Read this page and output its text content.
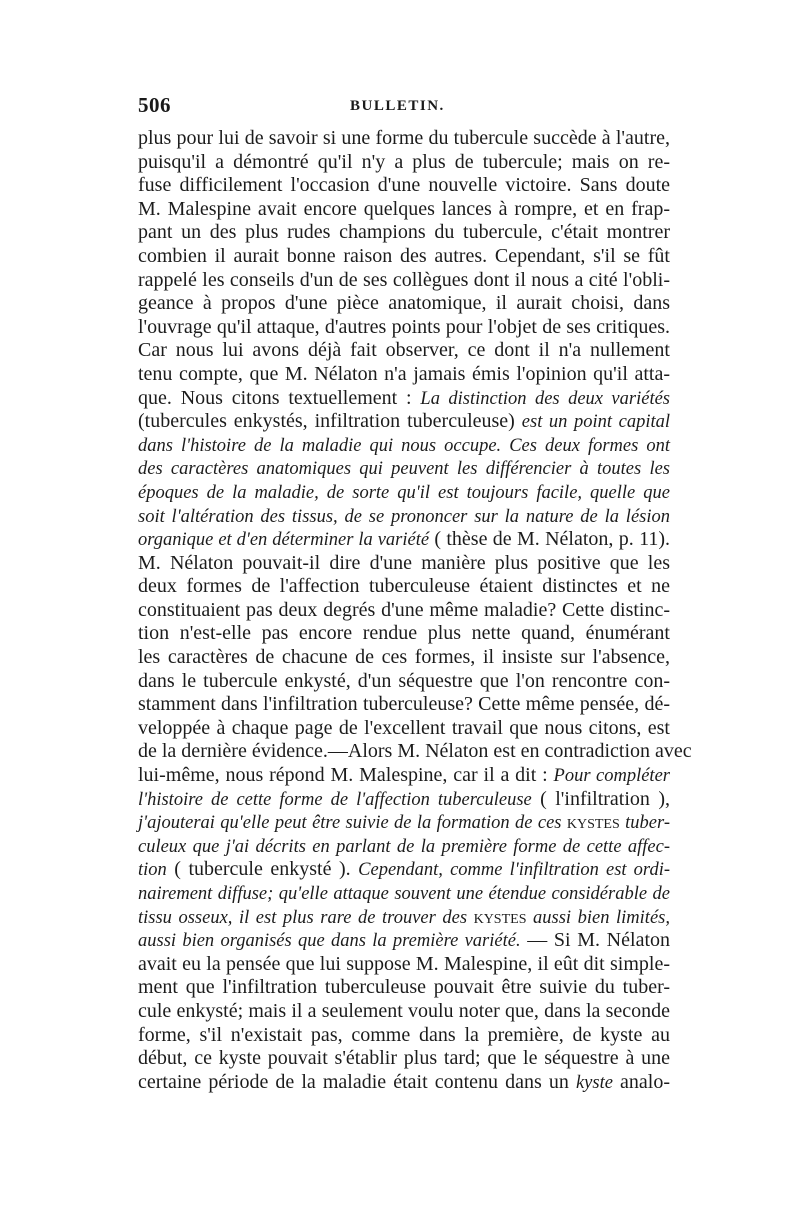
506	BULLETIN.
plus pour lui de savoir si une forme du tubercule succède à l'autre,
puisqu'il a démontré qu'il n'y a plus de tubercule; mais on re-
fuse difficilement l'occasion d'une nouvelle victoire. Sans doute
M. Malespine avait encore quelques lances à rompre, et en frap-
pant un des plus rudes champions du tubercule, c'était montrer
combien il aurait bonne raison des autres. Cependant, s'il se fût
rappelé les conseils d'un de ses collègues dont il nous a cité l'obli-
geance à propos d'une pièce anatomique, il aurait choisi, dans
l'ouvrage qu'il attaque, d'autres points pour l'objet de ses critiques.
Car nous lui avons déjà fait observer, ce dont il n'a nullement
tenu compte, que M. Nélaton n'a jamais émis l'opinion qu'il atta-
que. Nous citons textuellement : La distinction des deux variétés
(tubercules enkystés, infiltration tuberculeuse) est un point capital
dans l'histoire de la maladie qui nous occupe. Ces deux formes ont
des caractères anatomiques qui peuvent les différencier à toutes les
époques de la maladie, de sorte qu'il est toujours facile, quelle que
soit l'altération des tissus, de se prononcer sur la nature de la lésion
organique et d'en déterminer la variété ( thèse de M. Nélaton, p. 11).
M. Nélaton pouvait-il dire d'une manière plus positive que les
deux formes de l'affection tuberculeuse étaient distinctes et ne
constituaient pas deux degrés d'une même maladie? Cette distinc-
tion n'est-elle pas encore rendue plus nette quand, énumérant
les caractères de chacune de ces formes, il insiste sur l'absence,
dans le tubercule enkysté, d'un séquestre que l'on rencontre con-
stamment dans l'infiltration tuberculeuse? Cette même pensée, dé-
veloppée à chaque page de l'excellent travail que nous citons, est
de la dernière évidence.—Alors M. Nélaton est en contradiction avec
lui-même, nous répond M. Malespine, car il a dit : Pour compléter
l'histoire de cette forme de l'affection tuberculeuse ( l'infiltration ),
j'ajouterai qu'elle peut être suivie de la formation de ces kystes tuber-
culeux que j'ai décrits en parlant de la première forme de cette affec-
tion ( tubercule enkysté ). Cependant, comme l'infiltration est ordi-
nairement diffuse; qu'elle attaque souvent une étendue considérable de
tissu osseux, il est plus rare de trouver des kystes aussi bien limités,
aussi bien organisés que dans la première variété. — Si M. Nélaton
avait eu la pensée que lui suppose M. Malespine, il eût dit simple-
ment que l'infiltration tuberculeuse pouvait être suivie du tuber-
cule enkysté; mais il a seulement voulu noter que, dans la seconde
forme, s'il n'existait pas, comme dans la première, de kyste au
début, ce kyste pouvait s'établir plus tard; que le séquestre à une
certaine période de la maladie était contenu dans un kyste analo-
